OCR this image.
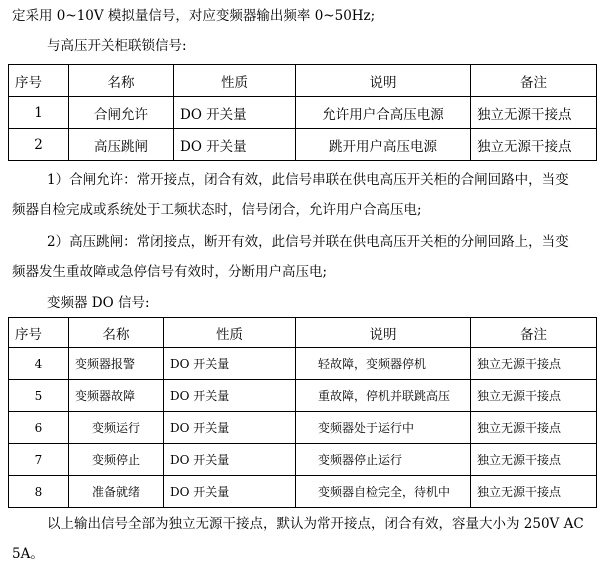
定采用 0~10V 模拟量信号，对应变频器输出频率 0~50Hz;
与高压开关柜联锁信号:
序号	名称	性质	说明	备注
1	合闸允许	DO 开关量	允许用户合高压电源	独立无源干接点
2	高压跳闸	DO 开关量	跳开用户高压电源	独立无源干接点
1）合闸允许：常开接点，闭合有效，此信号串联在供电高压开关柜的合闸回路中，当变
频器自检完成或系统处于工频状态时，信号闭合，允许用户合高压电;
2）高压跳闸：常闭接点，断开有效，此信号并联在供电高压开关柜的分闸回路上，当变
频器发生重故障或急停信号有效时，分断用户高压电;
变频器 DO 信号:
序号	名称	性质	说明	备注
4	变频器报警	DO 开关量	轻故障，变频器停机	独立无源干接点
5	变频器故障	DO 开关量	重故障，停机并联跳高压	独立无源干接点
6	变频运行	DO 开关量	变频器处于运行中	独立无源干接点
7	变频停止	DO 开关量	变频器停止运行	独立无源干接点
8	准备就绪	DO 开关量	变频器自检完全，待机中	独立无源干接点
以上输出信号全部为独立无源干接点，默认为常开接点，闭合有效，容量大小为 250V AC
5A。
